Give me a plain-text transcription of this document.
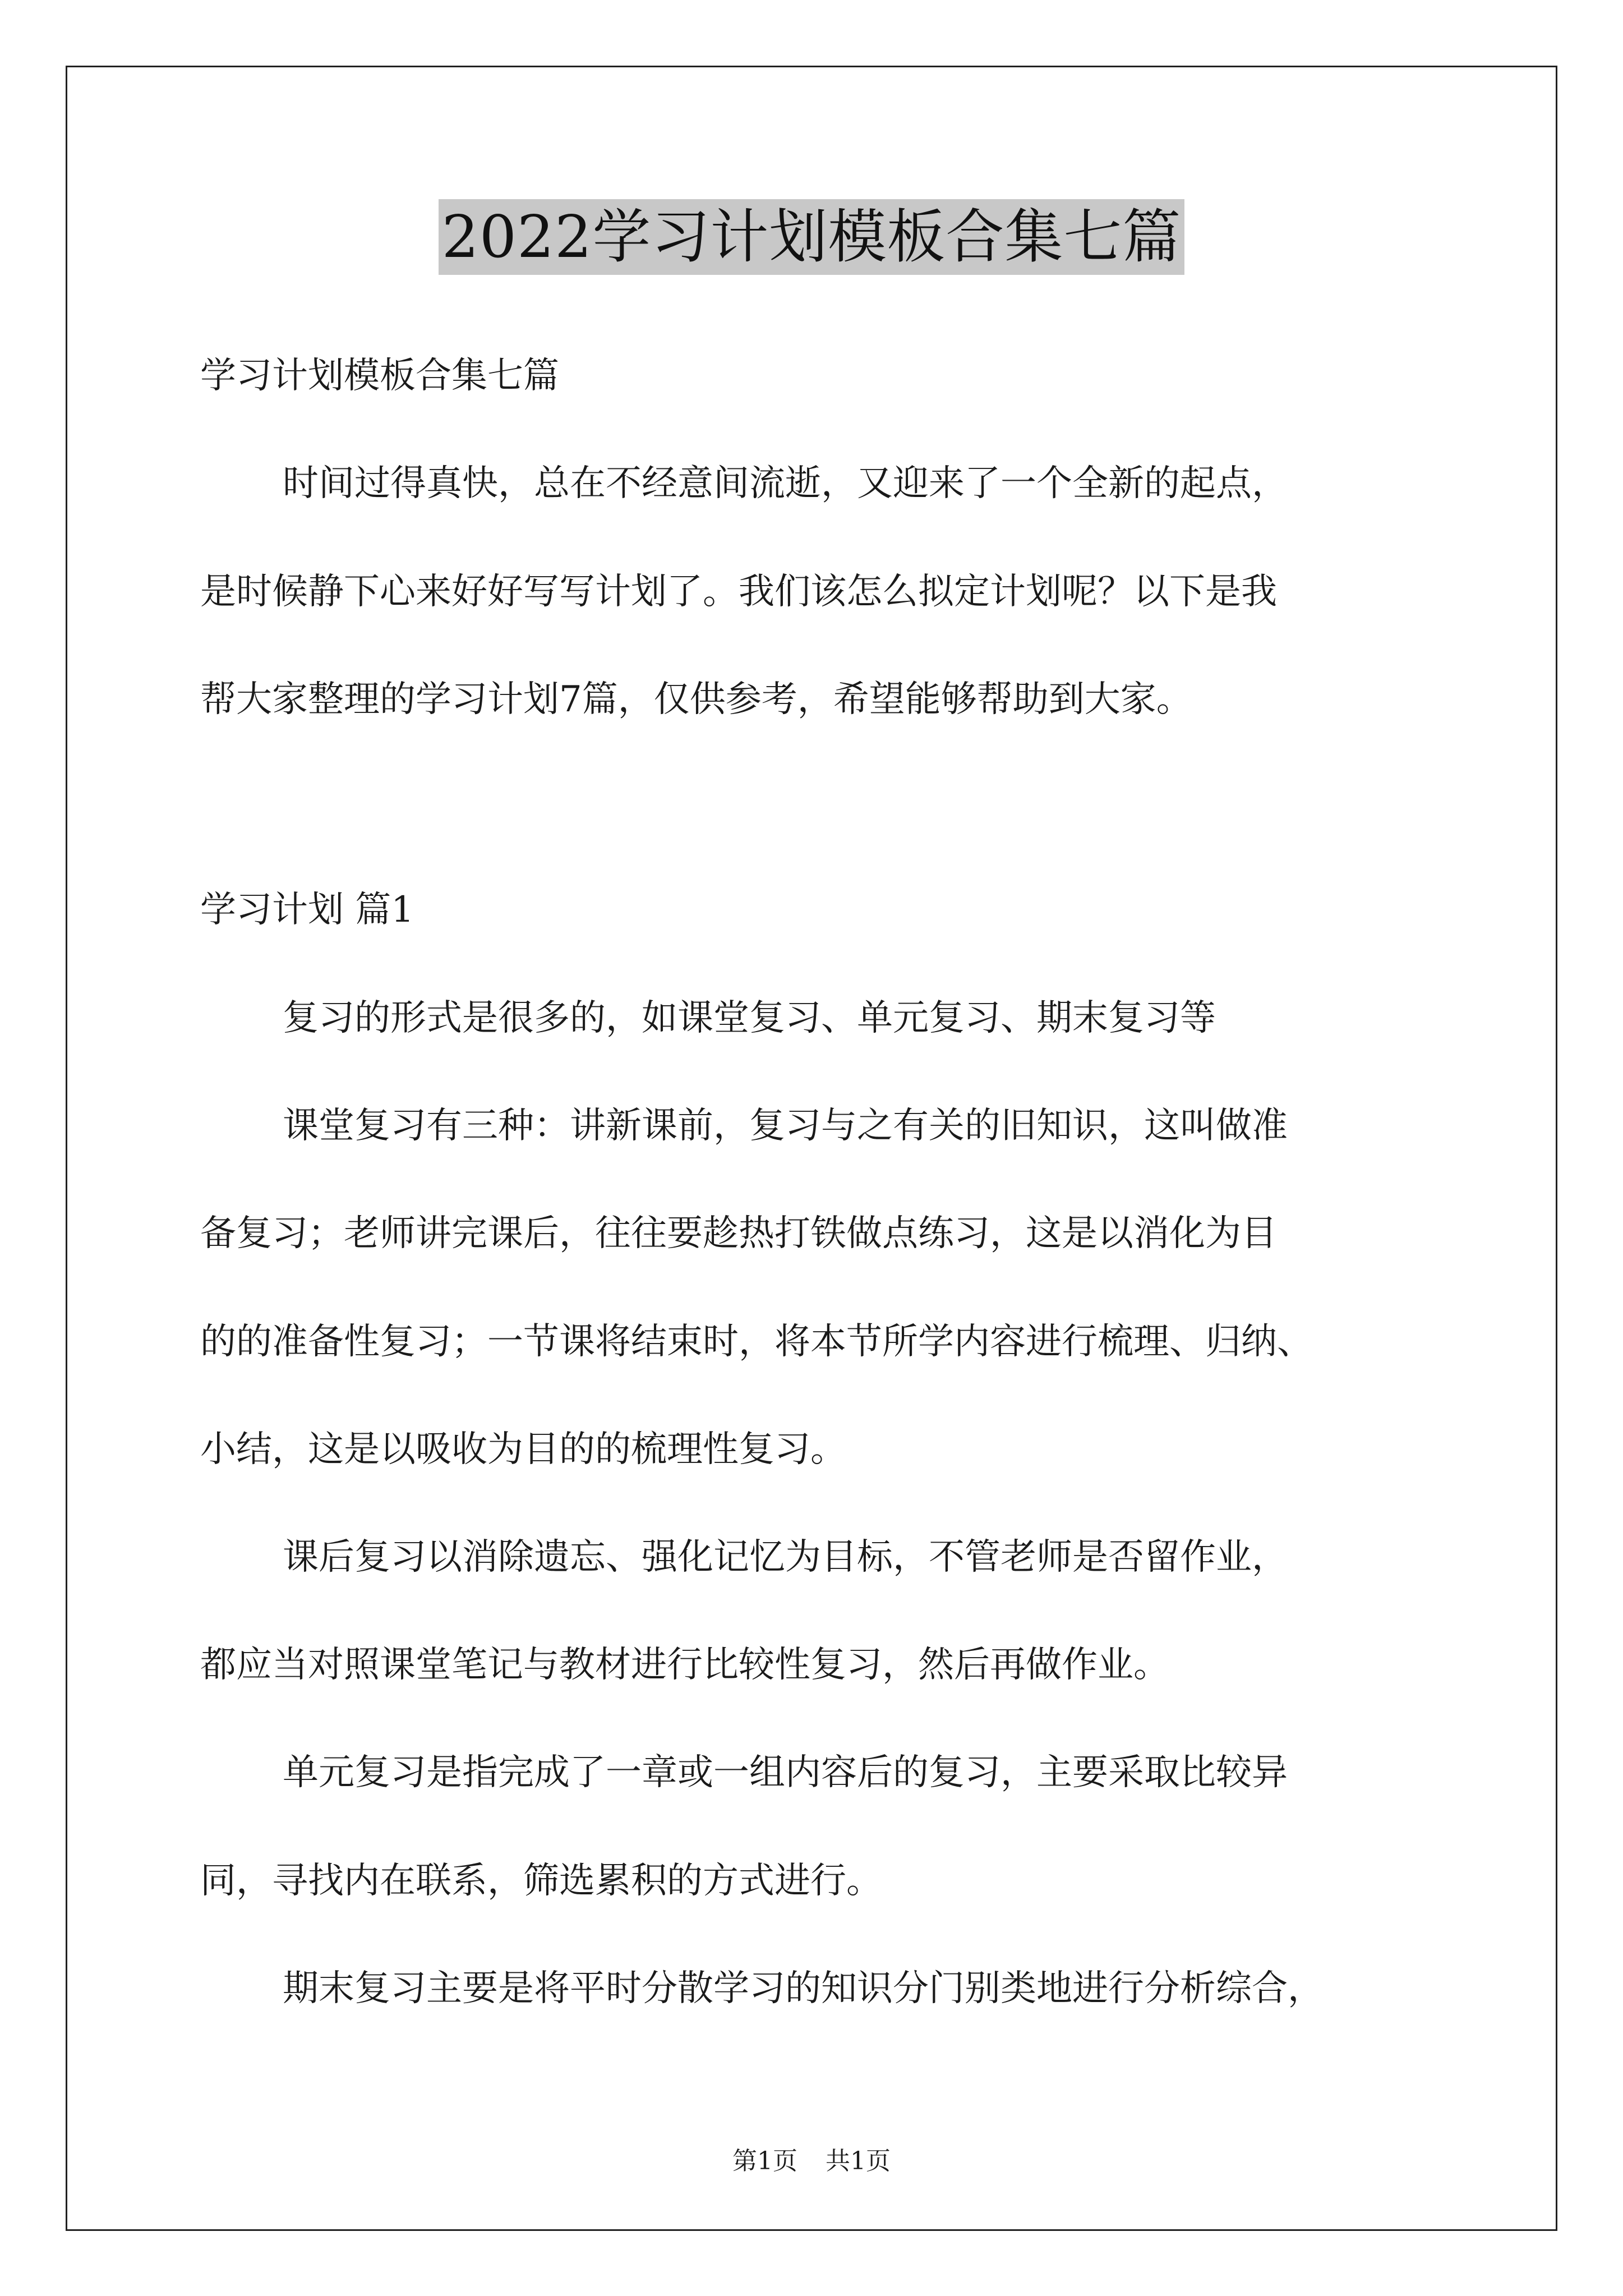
2022学习计划模板合集七篇
学习计划模板合集七篇
时间过得真快，总在不经意间流逝，又迎来了一个全新的起点，
是时候静下心来好好写写计划了。我们该怎么拟定计划呢？以下是我
帮大家整理的学习计划7篇，仅供参考，希望能够帮助到大家。
学习计划 篇1
复习的形式是很多的，如课堂复习、单元复习、期末复习等
课堂复习有三种：讲新课前，复习与之有关的旧知识，这叫做准
备复习；老师讲完课后，往往要趁热打铁做点练习，这是以消化为目
的的准备性复习；一节课将结束时，将本节所学内容进行梳理、归纳、
小结，这是以吸收为目的的梳理性复习。
课后复习以消除遗忘、强化记忆为目标，不管老师是否留作业，
都应当对照课堂笔记与教材进行比较性复习，然后再做作业。
单元复习是指完成了一章或一组内容后的复习，主要采取比较异
同，寻找内在联系，筛选累积的方式进行。
期末复习主要是将平时分散学习的知识分门别类地进行分析综合，
第1页 共1页
